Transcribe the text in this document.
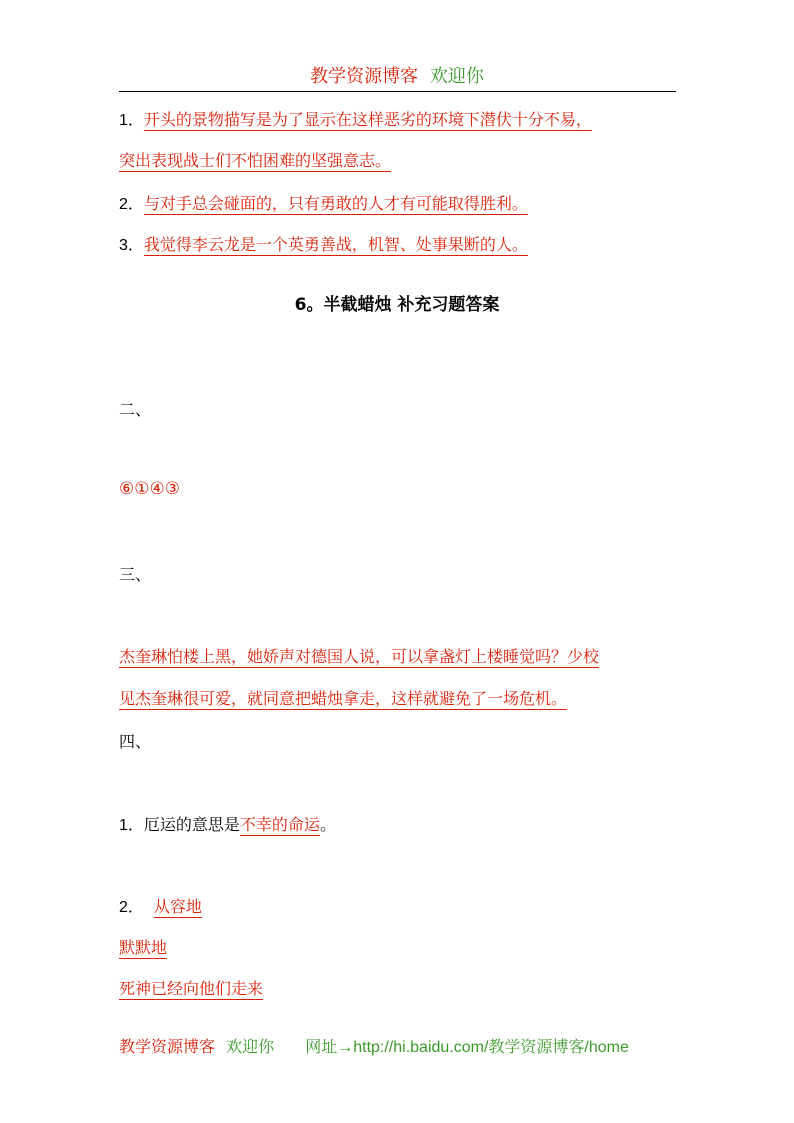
教学资源博客 欢迎你
1．开头的景物描写是为了显示在这样恶劣的环境下潜伏十分不易，
突出表现战士们不怕困难的坚强意志。
2．与对手总会碰面的，只有勇敢的人才有可能取得胜利。
3．我觉得李云龙是一个英勇善战，机智、处事果断的人。
6。半截蜡烛 补充习题答案
二、
⑥①④③
三、
杰奎琳怕楼上黑，她娇声对德国人说，可以拿盏灯上楼睡觉吗？少校
见杰奎琳很可爱，就同意把蜡烛拿走，这样就避免了一场危机。
四、
1．厄运的意思是不幸的命运。
2． 从容地
默默地
死神已经向他们走来
教学资源博客 欢迎你 网址→http://hi.baidu.com/教学资源博客/home
